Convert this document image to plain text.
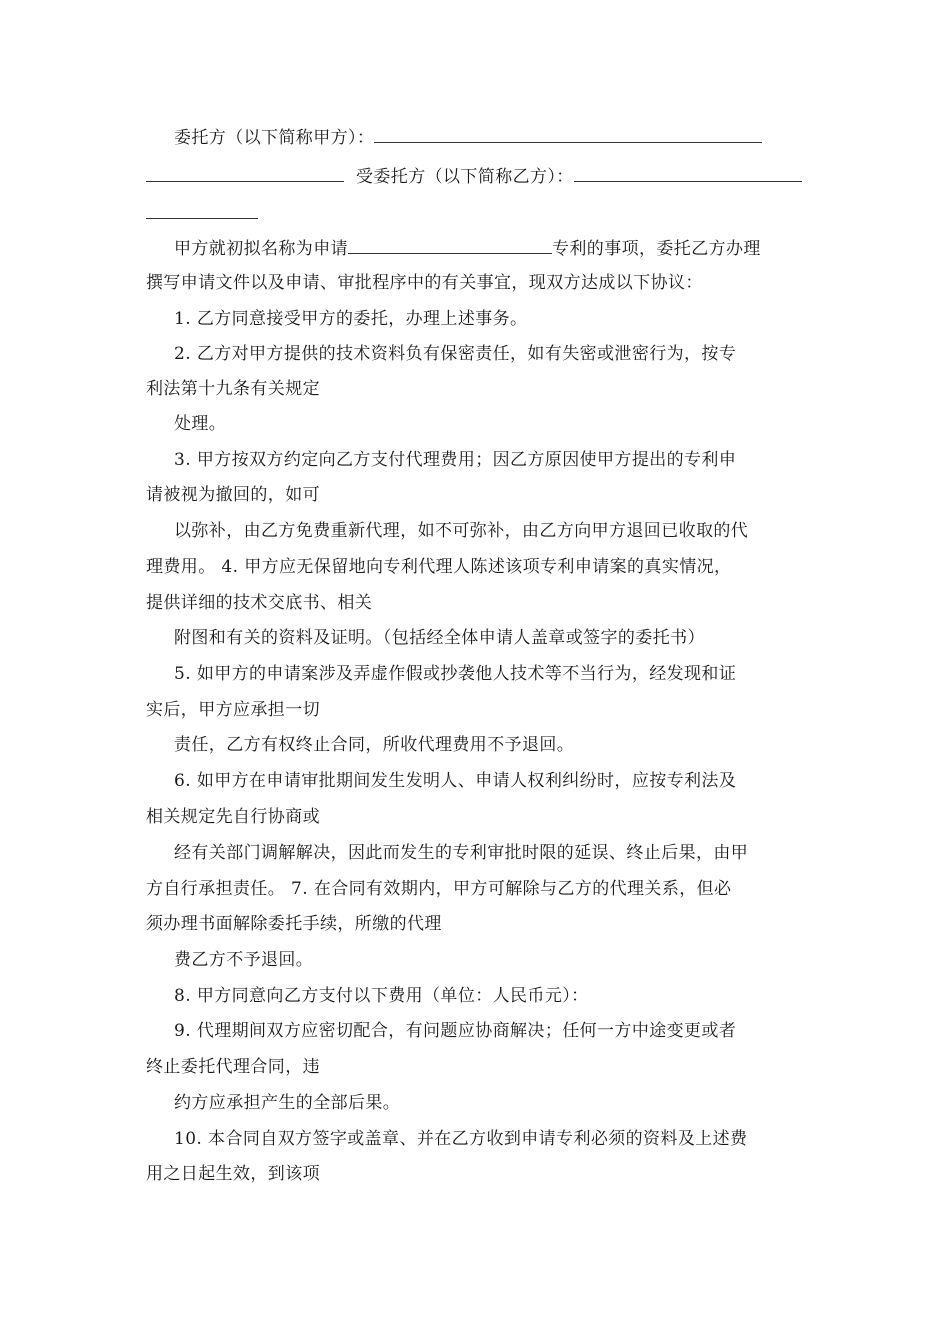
委托方（以下简称甲方）：
受委托方（以下简称乙方）：
甲方就初拟名称为申请	专利的事项，委托乙方办理
撰写申请文件以及申请、审批程序中的有关事宜，现双方达成以下协议：
1. 乙方同意接受甲方的委托，办理上述事务。
2. 乙方对甲方提供的技术资料负有保密责任，如有失密或泄密行为，按专
利法第十九条有关规定
处理。
3. 甲方按双方约定向乙方支付代理费用；因乙方原因使甲方提出的专利申
请被视为撤回的，如可
以弥补，由乙方免费重新代理，如不可弥补，由乙方向甲方退回已收取的代
理费用。 4. 甲方应无保留地向专利代理人陈述该项专利申请案的真实情况，
提供详细的技术交底书、相关
附图和有关的资料及证明。（包括经全体申请人盖章或签字的委托书）
5. 如甲方的申请案涉及弄虚作假或抄袭他人技术等不当行为，经发现和证
实后，甲方应承担一切
责任，乙方有权终止合同，所收代理费用不予退回。
6. 如甲方在申请审批期间发生发明人、申请人权利纠纷时，应按专利法及
相关规定先自行协商或
经有关部门调解解决，因此而发生的专利审批时限的延误、终止后果，由甲
方自行承担责任。 7. 在合同有效期内，甲方可解除与乙方的代理关系，但必
须办理书面解除委托手续，所缴的代理
费乙方不予退回。
8. 甲方同意向乙方支付以下费用（单位：人民币元）：
9. 代理期间双方应密切配合，有问题应协商解决；任何一方中途变更或者
终止委托代理合同，违
约方应承担产生的全部后果。
10. 本合同自双方签字或盖章、并在乙方收到申请专利必须的资料及上述费
用之日起生效，到该项
